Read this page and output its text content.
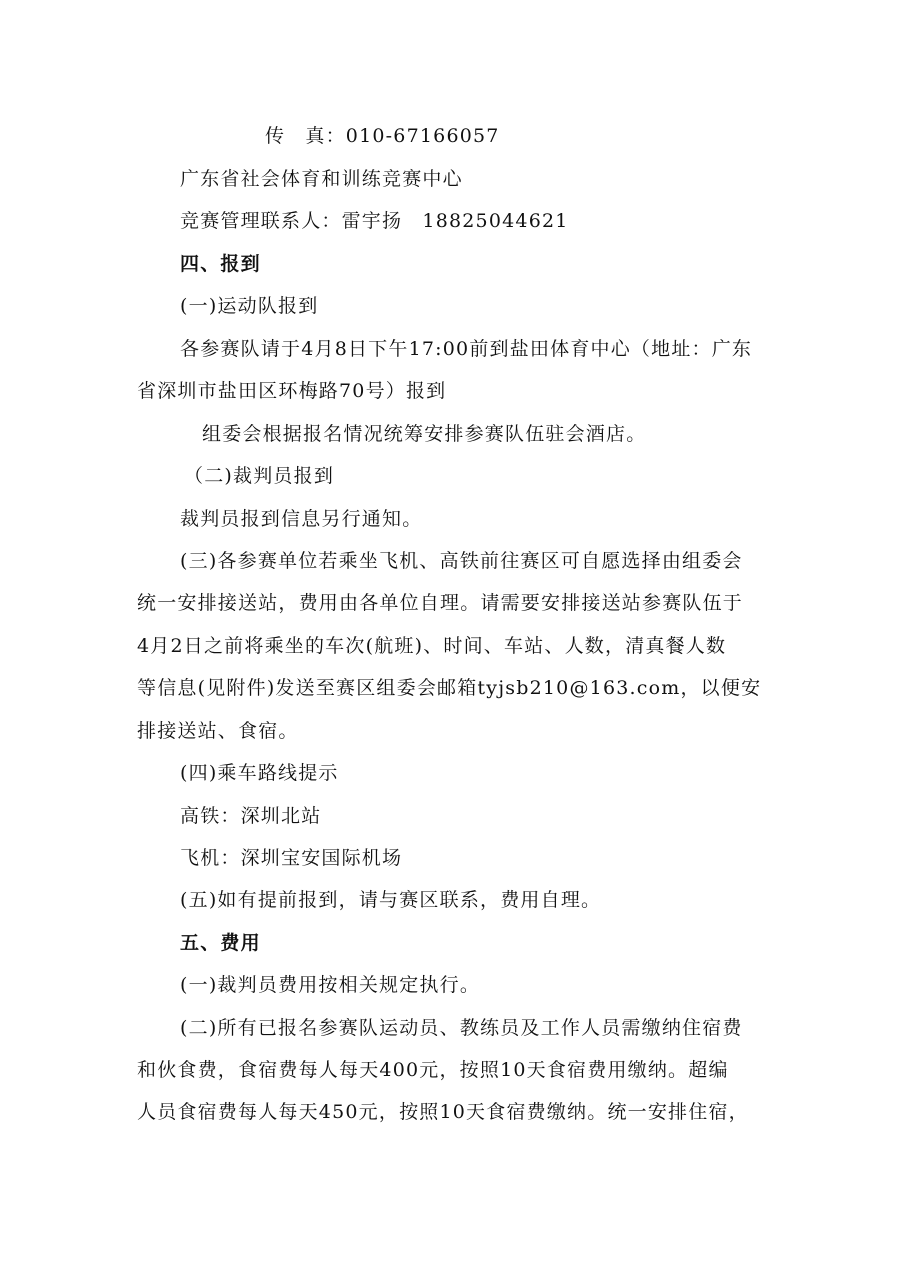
传　真：010-67166057
广东省社会体育和训练竞赛中心
竞赛管理联系人：雷宇扬　18825044621
四、报到
(一)运动队报到
各参赛队请于4月8日下午17:00前到盐田体育中心（地址：广东
省深圳市盐田区环梅路70号）报到
组委会根据报名情况统筹安排参赛队伍驻会酒店。
（二)裁判员报到
裁判员报到信息另行通知。
(三)各参赛单位若乘坐飞机、高铁前往赛区可自愿选择由组委会
统一安排接送站，费用由各单位自理。请需要安排接送站参赛队伍于
4月2日之前将乘坐的车次(航班)、时间、车站、人数，清真餐人数
等信息(见附件)发送至赛区组委会邮箱tyjsb210@163.com，以便安
排接送站、食宿。
(四)乘车路线提示
高铁：深圳北站
飞机：深圳宝安国际机场
(五)如有提前报到，请与赛区联系，费用自理。
五、费用
(一)裁判员费用按相关规定执行。
(二)所有已报名参赛队运动员、教练员及工作人员需缴纳住宿费
和伙食费，食宿费每人每天400元，按照10天食宿费用缴纳。超编
人员食宿费每人每天450元，按照10天食宿费缴纳。统一安排住宿，
